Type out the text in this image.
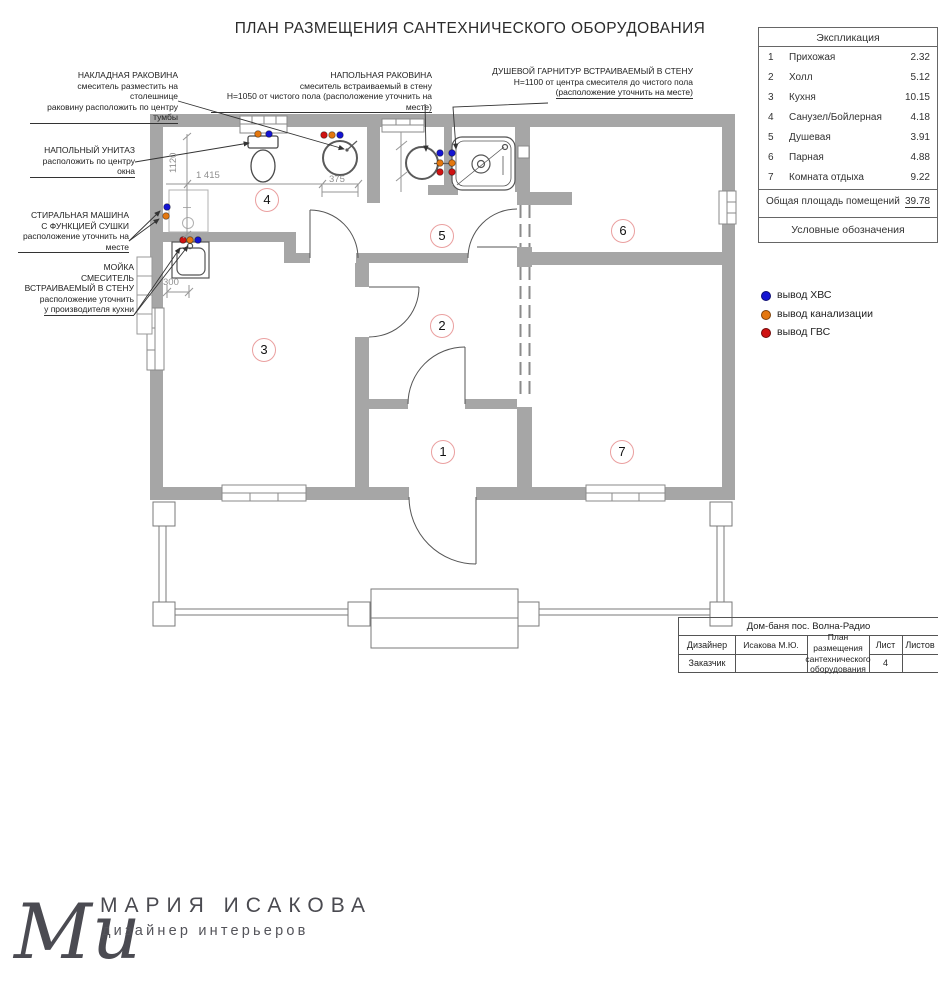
Ми
ПЛАН РАЗМЕЩЕНИЯ САНТЕХНИЧЕСКОГО ОБОРУДОВАНИЯ
НАКЛАДНАЯ РАКОВИНА
смеситель разместить на столешнице
раковину расположить по центру тумбы
НАПОЛЬНАЯ РАКОВИНА
смеситель встраиваемый в стену
Н=1050 от чистого пола (расположение уточнить на месте)
ДУШЕВОЙ ГАРНИТУР ВСТРАИВАЕМЫЙ В СТЕНУ
Н=1100 от центра смесителя до чистого пола
(расположение уточнить на месте)
НАПОЛЬНЫЙ УНИТАЗ
расположить по центру окна
СТИРАЛЬНАЯ МАШИНА
С ФУНКЦИЕЙ СУШКИ
расположение уточнить на месте
МОЙКА
СМЕСИТЕЛЬ
ВСТРАИВАЕМЫЙ В СТЕНУ
расположение уточнить
у производителя кухни
1120
1 415	375
300
1
2
3
4
5	6
7
Экспликация
1 Прихожая	2.32
2 Холл	5.12
3 Кухня	10.15
4 Санузел/Бойлерная	4.18
5 Душевая	3.91
6 Парная	4.88
7 Комната отдыха	9.22
Общая площадь помещений 39.78
Условные обозначения
вывод ХВС
вывод канализации
вывод ГВС
Дом-баня пос. Волна-Радио
Дизайнер	Исакова М.Ю.
Заказчик
План размещения сантехнического оборудования
Лист
4
Листов
МАРИЯ ИСАКОВА
дизайнер интерьеров
